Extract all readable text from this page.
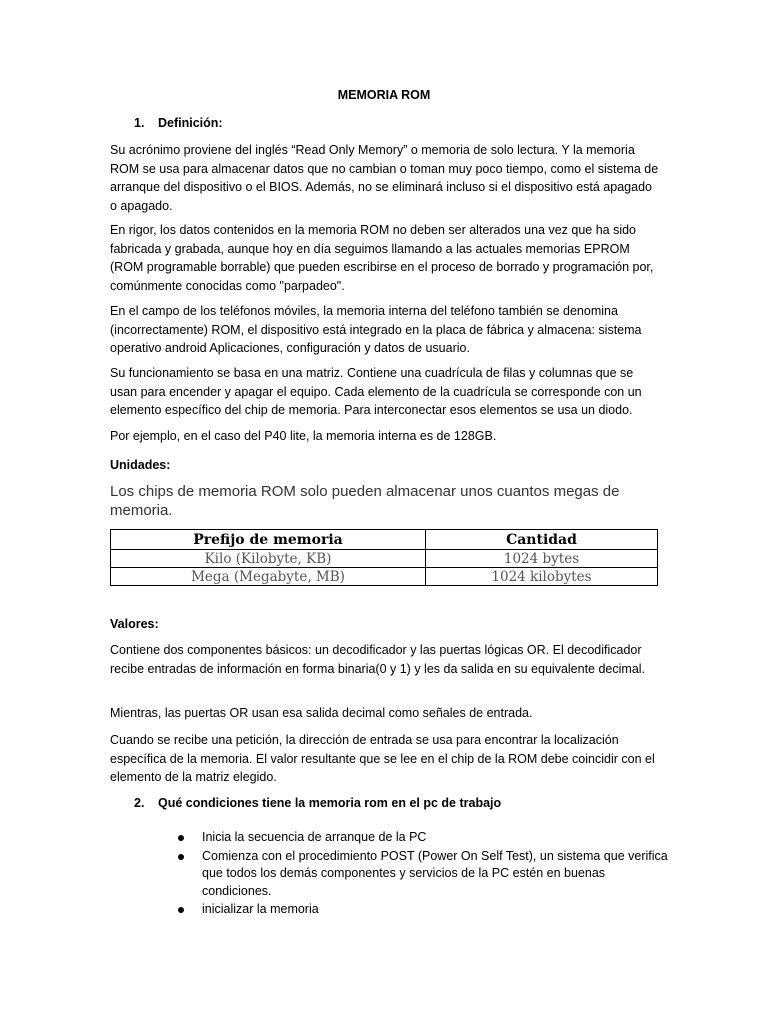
MEMORIA ROM
1. Definición:

Su acrónimo proviene del inglés “Read Only Memory” o memoria de solo lectura. Y la memoria ROM se usa para almacenar datos que no cambian o toman muy poco tiempo, como el sistema de arranque del dispositivo o el BIOS. Además, no se eliminará incluso si el dispositivo está apagado o apagado.

En rigor, los datos contenidos en la memoria ROM no deben ser alterados una vez que ha sido fabricada y grabada, aunque hoy en día seguimos llamando a las actuales memorias EPROM (ROM programable borrable) que pueden escribirse en el proceso de borrado y programación por, comúnmente conocidas como "parpadeo".

En el campo de los teléfonos móviles, la memoria interna del teléfono también se denomina (incorrectamente) ROM, el dispositivo está integrado en la placa de fábrica y almacena: sistema operativo android Aplicaciones, configuración y datos de usuario.

Su funcionamiento se basa en una matriz. Contiene una cuadrícula de filas y columnas que se usan para encender y apagar el equipo. Cada elemento de la cuadrícula se corresponde con un elemento específico del chip de memoria. Para interconectar esos elementos se usa un diodo.

Por ejemplo, en el caso del P40 lite, la memoria interna es de 128GB.

Unidades:

Los chips de memoria ROM solo pueden almacenar unos cuantos megas de memoria.

Prefijo de memoria	Cantidad
Kilo (Kilobyte, KB)	1024 bytes
Mega (Megabyte, MB)	1024 kilobytes

Valores:

Contiene dos componentes básicos: un decodificador y las puertas lógicas OR. El decodificador recibe entradas de información en forma binaria(0 y 1) y les da salida en su equivalente decimal.

Mientras, las puertas OR usan esa salida decimal como señales de entrada.

Cuando se recibe una petición, la dirección de entrada se usa para encontrar la localización específica de la memoria. El valor resultante que se lee en el chip de la ROM debe coincidir con el elemento de la matriz elegido.

2. Qué condiciones tiene la memoria rom en el pc de trabajo
Inicia la secuencia de arranque de la PC
Comienza con el procedimiento POST (Power On Self Test), un sistema que verifica que todos los demás componentes y servicios de la PC estén en buenas condiciones.
inicializar la memoria
